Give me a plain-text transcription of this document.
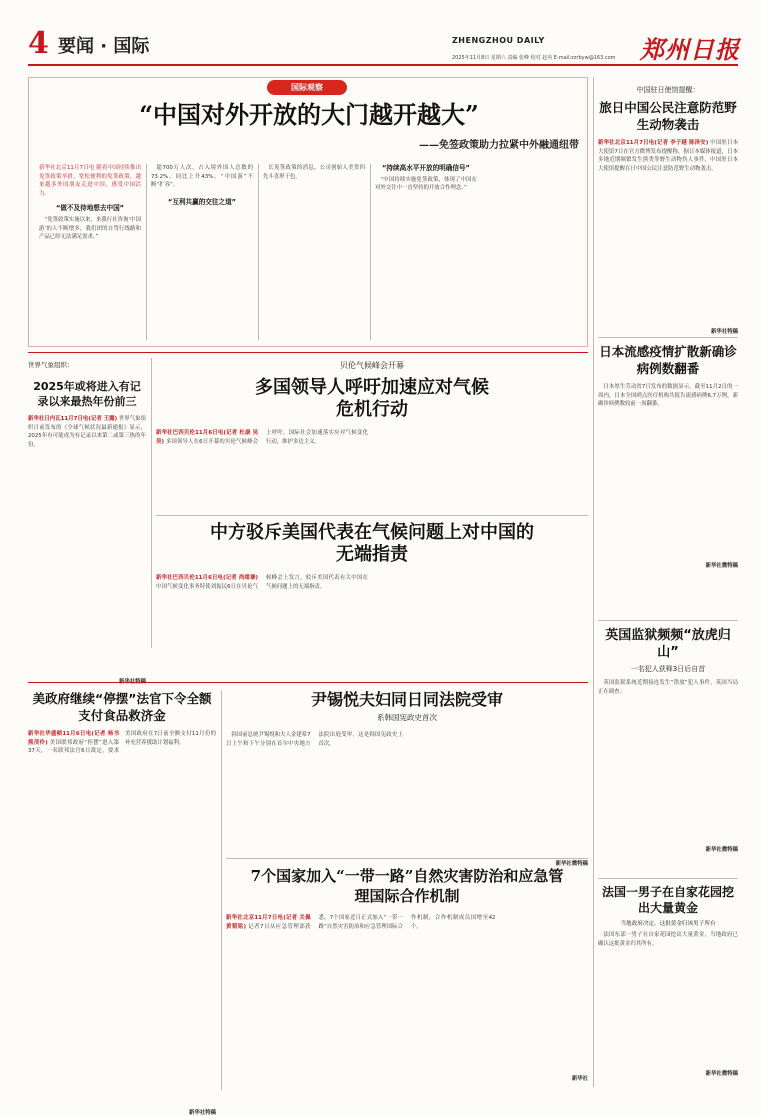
4 要闻 · 国际	ZHENGZHOU DAILY	郑州日报
2025年11月8日 星期六 责编 张峰 校对 赵芮 E-mail:zzrbyw@163.com
国际观察
“中国对外开放的大门越开越大”
——免签政策助力拉紧中外融通纽带
新华社北京11月7日电 随着中国持续推出免签政策举措，宽松便利的免签政策，越来越多外国朋友走进中国，感受中国活力。
“做不及待地想去中国”
“免签政策实施以来，来我行社咨询‘中国游’的人不断增多，我们团的自驾行线路和产品已经无法满足需求。”
超700万人次，占入境外国人总数的73.2%，同比上升43%。“中国游”不断“扩容”。
“互利共赢的交往之道”
长免签政策的消息，公司创始人美贯四先斗喜形于色。
“持续高水平开放的明确信号”
“中国持续实施免签政策，体现了中国在对外交往中一直坚持的开放合作理念。”
中国驻日使馆提醒：
旅日中国公民注意防范野生动物袭击
新华社北京11月7日电(记者 李子越 陈泽安) 中国驻日本大使馆7日在官方微博发布提醒称，据日本媒体报道，日本多地近期频繁发生熊类等野生动物伤人事件，中国驻日本大使馆提醒在日中国公民注意防范野生动物袭击。
新华社特稿
日本流感疫情扩散新确诊病例数翻番
日本厚生劳动省7日发布的数据显示，截至11月2日的一周内，日本全国哨点医疗机构共报告流感病例6.7万例，新确诊病例数较前一周翻番。
新华社微特稿
英国监狱频频“放虎归山”
一名犯人获释3日后自首
英国监狱系统近期接连发生“错放”犯人事件，英国当局正在调查。
新华社微特稿
法国一男子在自家花园挖出大量黄金
当地政府决定，这批黄金归该男子所有
法国东部一男子在自家花园挖出大量黄金，当地政府已确认这批黄金归其所有。
新华社微特稿
世界气象组织：
2025年或将进入有记录以来最热年份前三
新华社日内瓦11月7日电(记者 王露) 世界气象组织日前发布的《全球气候状况最新通报》显示，2025年有可能成为有记录以来第二或第三热的年份。
贝伦气候峰会开幕
多国领导人呼吁加速应对气候危机行动
新华社巴西贝伦11月6日电(记者 杜康 吴昊) 多国领导人在6日开幕的贝伦气候峰会上呼吁，国际社会加速落实应对气候变化行动，维护多边主义。
中方驳斥美国代表在气候问题上对中国的无端指责
新华社巴西贝伦11月6日电(记者 尚绪谦) 中国气候变化事务特使刘振民6日在贝伦气候峰会上发言，驳斥美国代表有关中国在气候问题上的无端指责。
美政府继续“停摆”法官下令全额支付食品救济金
新华社华盛顿11月6日电(记者 杨书 熊茂伶) 美国联邦政府“停摆”进入第37天，一名联邦法官6日裁定，要求美国政府在7日前全额支付11月份的补充营养援助计划福利。
新华社特稿
尹锡悦夫妇同日同法院受审
系韩国宪政史首次
韩国前总统尹锡悦和夫人金建希7日上午和下午分别在首尔中央地方法院出庭受审，这是韩国宪政史上首次。
新华社微特稿
7个国家加入“一带一路”自然灾害防治和应急管理国际合作机制
新华社北京11月7日电(记者 关佩 黄韬铭) 记者7日从应急管理部获悉，7个国家近日正式加入“一带一路”自然灾害防治和应急管理国际合作机制，合作机制成员国增至42个。
新华社
